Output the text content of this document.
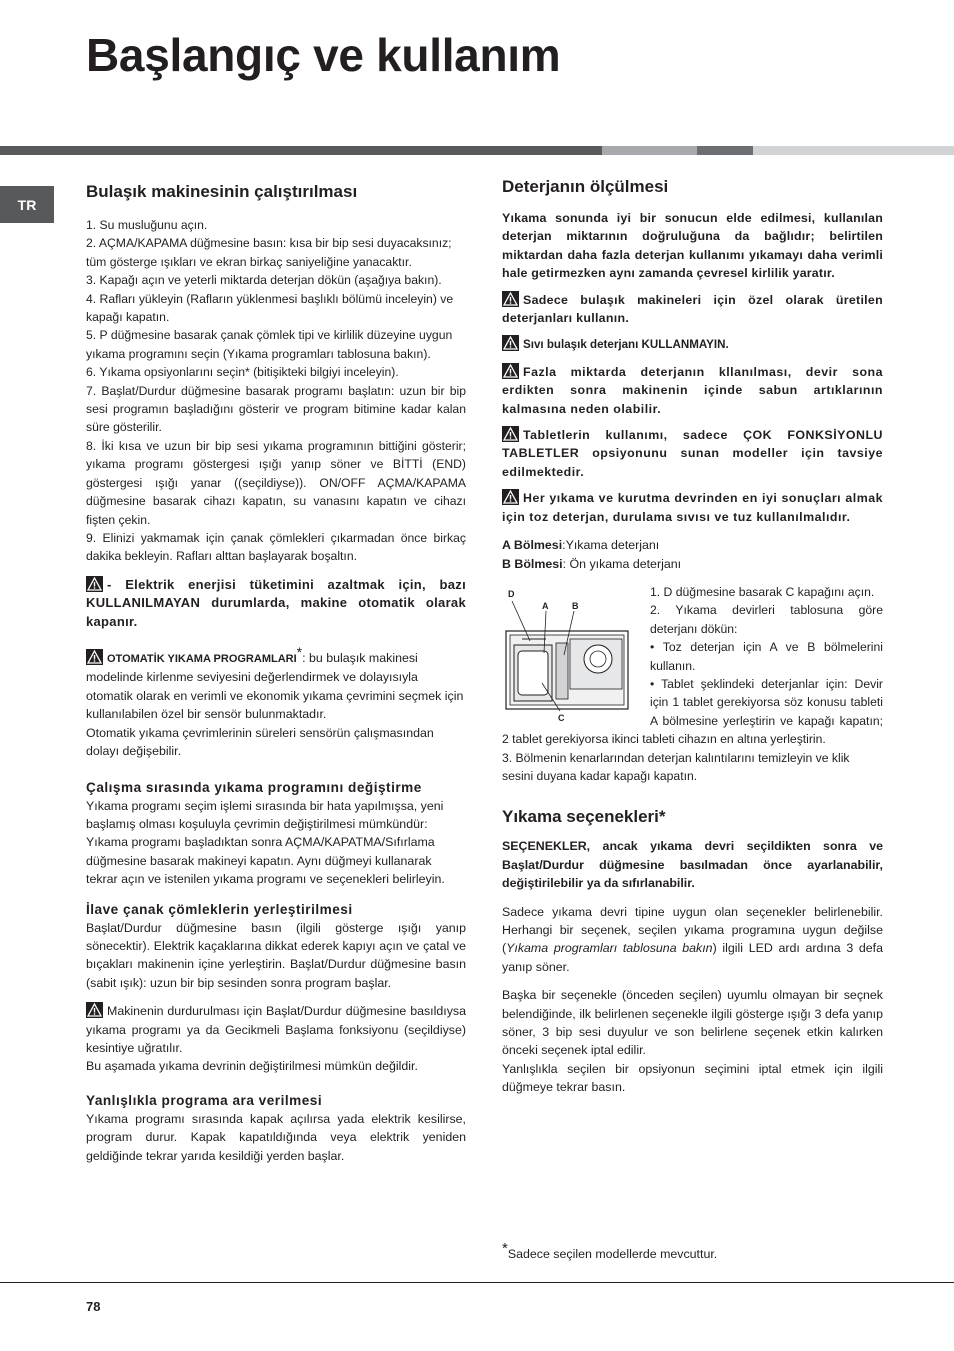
Başlangıç ve kullanım
TR
Bulaşık makinesinin çalıştırılması

1. Su musluğunu açın.

2. AÇMA/KAPAMA düğmesine basın: kısa bir bip sesi duyacaksınız; tüm gösterge ışıkları ve ekran birkaç saniyeliğine yanacaktır.

3. Kapağı açın ve yeterli miktarda deterjan dökün (aşağıya bakın).

4. Rafları yükleyin (Rafların yüklenmesi başlıklı bölümü inceleyin) ve kapağı kapatın.

5. P düğmesine basarak çanak çömlek tipi ve kirlilik düzeyine uygun yıkama programını seçin (Yıkama programları tablosuna bakın).

6. Yıkama opsiyonlarını seçin* (bitişikteki bilgiyi inceleyin).

7. Başlat/Durdur düğmesine basarak programı başlatın: uzun bir bip sesi programın başladığını gösterir ve program bitimine kadar kalan süre gösterilir.

8. İki kısa ve uzun bir bip sesi yıkama programının bittiğini gösterir; yıkama programı göstergesi ışığı yanıp söner ve BİTTİ (END) göstergesi ışığı yanar ((seçildiyse)). ON/OFF AÇMA/KAPAMA düğmesine basarak cihazı kapatın, su vanasını kapatın ve cihazı fişten çekin.

9. Elinizi yakmamak için çanak çömlekleri çıkarmadan önce birkaç dakika bekleyin. Rafları alttan başlayarak boşaltın.

- Elektrik enerjisi tüketimini azaltmak için, bazı KULLANILMAYAN durumlarda, makine otomatik olarak kapanır.

OTOMATİK YIKAMA PROGRAMLARI*: bu bulaşık makinesi modelinde kirlenme seviyesini değerlendirmek ve dolayısıyla otomatik olarak en verimli ve ekonomik yıkama çevrimini seçmek için kullanılabilen özel bir sensör bulunmaktadır.

Otomatik yıkama çevrimlerinin süreleri sensörün çalışmasından dolayı değişebilir.

Çalışma sırasında yıkama programını değiştirme

Yıkama programı seçim işlemi sırasında bir hata yapılmışsa, yeni başlamış olması koşuluyla çevrimin değiştirilmesi mümkündür: Yıkama programı başladıktan sonra AÇMA/KAPATMA/Sıfırlama düğmesine basarak makineyi kapatın. Aynı düğmeyi kullanarak tekrar açın ve istenilen yıkama programı ve seçenekleri belirleyin.

İlave çanak çömleklerin yerleştirilmesi

Başlat/Durdur düğmesine basın (ilgili gösterge ışığı yanıp sönecektir). Elektrik kaçaklarına dikkat ederek kapıyı açın ve çatal ve bıçakları makinenin içine yerleştirin. Başlat/Durdur düğmesine basın (sabit ışık): uzun bir bip sesinden sonra program başlar.

Makinenin durdurulması için Başlat/Durdur düğmesine basıldıysa yıkama programı ya da Gecikmeli Başlama fonksiyonu (seçildiyse) kesintiye uğratılır.

Bu aşamada yıkama devrinin değiştirilmesi mümkün değildir.

Yanlışlıkla programa ara verilmesi

Yıkama programı sırasında kapak açılırsa yada elektrik kesilirse, program durur. Kapak kapatıldığında veya elektrik yeniden geldiğinde tekrar yarıda kesildiği yerden başlar.

Deterjanın ölçülmesi

Yıkama sonunda iyi bir sonucun elde edilmesi, kullanılan deterjan miktarının doğruluğuna da bağlıdır; belirtilen miktardan daha fazla deterjan kullanımı yıkamayı daha verimli hale getirmezken aynı zamanda çevresel kirlilik yaratır.

Sadece bulaşık makineleri için özel olarak üretilen deterjanları kullanın.

Sıvı bulaşık deterjanı KULLANMAYIN.

Fazla miktarda deterjanın kllanılması, devir sona erdikten sonra makinenin içinde sabun artıklarının kalmasına neden olabilir.

Tabletlerin kullanımı, sadece ÇOK FONKSİYONLU TABLETLER opsiyonunu sunan modeller için tavsiye edilmektedir.

Her yıkama ve kurutma devrinden en iyi sonuçları almak için toz deterjan, durulama sıvısı ve tuz kullanılmalıdır.

A Bölmesi:Yıkama deterjanı

B Bölmesi: Ön yıkama deterjanı

D
A	B
C

1. D düğmesine basarak C kapağını açın.

2. Yıkama devirleri tablosuna göre deterjanı dökün:

• Toz deterjan için A ve B bölmelerini kullanın.

• Tablet şeklindeki deterjanlar için: Devir için 1 tablet gerekiyorsa söz konusu tableti A bölmesine yerleştirin ve kapağı kapatın; 2 tablet gerekiyorsa ikinci tableti cihazın en altına yerleştirin.

3. Bölmenin kenarlarından deterjan kalıntılarını temizleyin ve klik sesini duyana kadar kapağı kapatın.

Yıkama seçenekleri*

SEÇENEKLER, ancak yıkama devri seçildikten sonra ve Başlat/Durdur düğmesine basılmadan önce ayarlanabilir, değiştirilebilir ya da sıfırlanabilir.

Sadece yıkama devri tipine uygun olan seçenekler belirlenebilir. Herhangi bir seçenek, seçilen yıkama programına uygun değilse (Yıkama programları tablosuna bakın) ilgili LED ardı ardına 3 defa yanıp söner.

Başka bir seçenekle (önceden seçilen) uyumlu olmayan bir seçnek belendiğinde, ilk belirlenen seçenekle ilgili gösterge ışığı 3 defa yanıp söner, 3 bip sesi duyulur ve son belirlene seçenek etkin kalırken önceki seçenek iptal edilir.

Yanlışlıkla seçilen bir opsiyonun seçimini iptal etmek için ilgili düğmeye tekrar basın.

*Sadece seçilen modellerde mevcuttur.
78
